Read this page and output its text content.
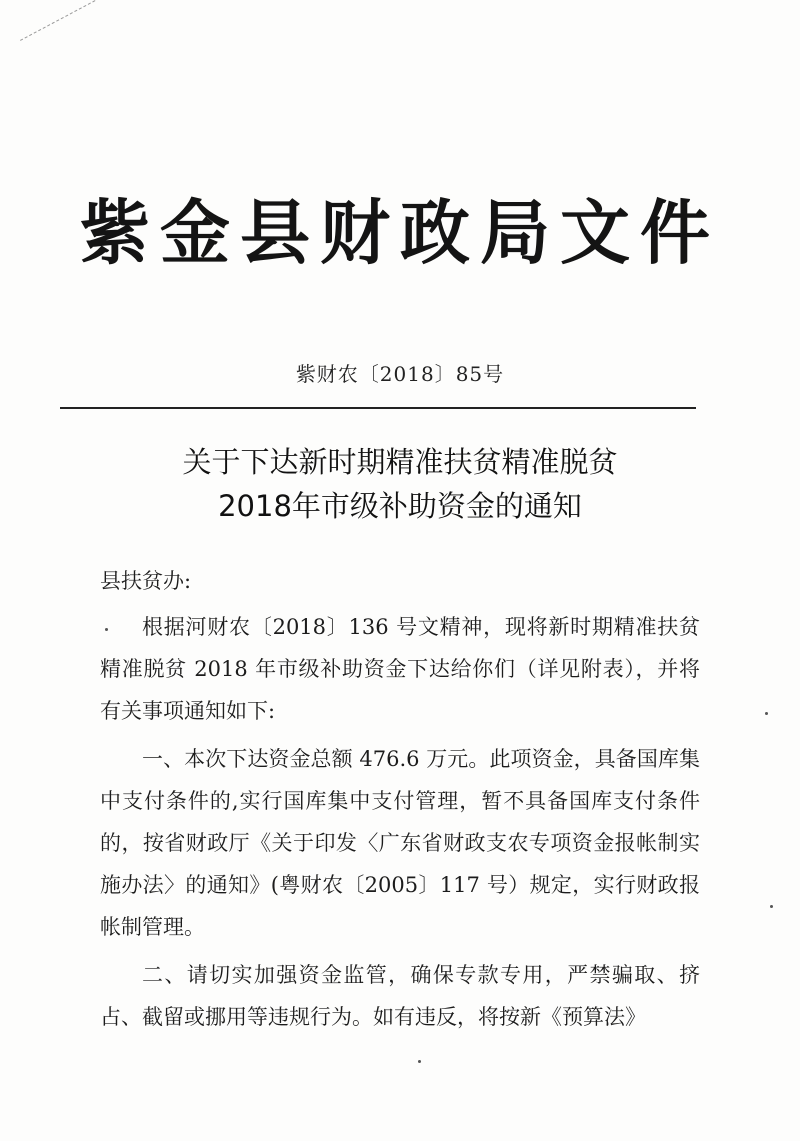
紫金县财政局文件
紫财农〔2018〕85号
关于下达新时期精准扶贫精准脱贫
2018年市级补助资金的通知
县扶贫办:

根据河财农〔2018〕136 号文精神，现将新时期精准扶贫精准脱贫 2018 年市级补助资金下达给你们（详见附表），并将有关事项通知如下:

一、本次下达资金总额 476.6 万元。此项资金，具备国库集中支付条件的,实行国库集中支付管理，暂不具备国库支付条件的，按省财政厅《关于印发〈广东省财政支农专项资金报帐制实施办法〉的通知》(粤财农〔2005〕117 号）规定，实行财政报帐制管理。

二、请切实加强资金监管，确保专款专用，严禁骗取、挤占、截留或挪用等违规行为。如有违反，将按新《预算法》
